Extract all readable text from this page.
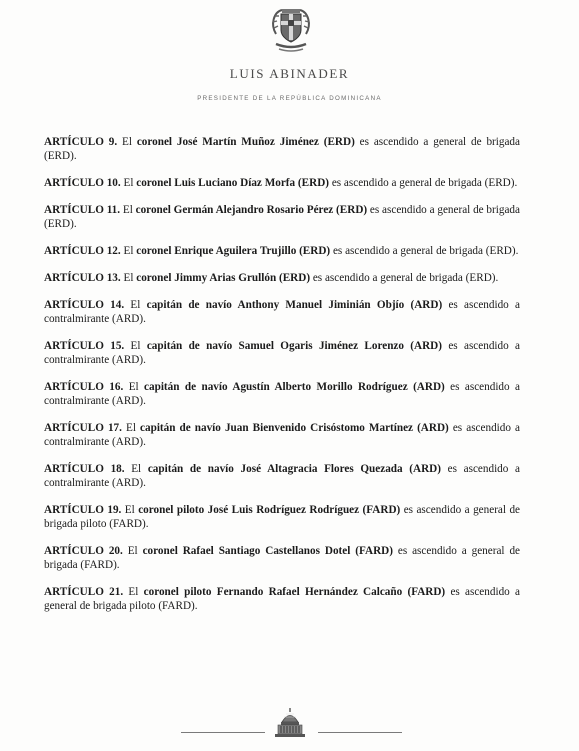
LUIS ABINADER
PRESIDENTE DE LA REPÚBLICA DOMINICANA

ARTÍCULO 9. El coronel José Martín Muñoz Jiménez (ERD) es ascendido a general de brigada (ERD).

ARTÍCULO 10. El coronel Luis Luciano Díaz Morfa (ERD) es ascendido a general de brigada (ERD).

ARTÍCULO 11. El coronel Germán Alejandro Rosario Pérez (ERD) es ascendido a general de brigada (ERD).

ARTÍCULO 12. El coronel Enrique Aguilera Trujillo (ERD) es ascendido a general de brigada (ERD).

ARTÍCULO 13. El coronel Jimmy Arias Grullón (ERD) es ascendido a general de brigada (ERD).

ARTÍCULO 14. El capitán de navío Anthony Manuel Jiminián Objío (ARD) es ascendido a contralmirante (ARD).

ARTÍCULO 15. El capitán de navío Samuel Ogaris Jiménez Lorenzo (ARD) es ascendido a contralmirante (ARD).

ARTÍCULO 16. El capitán de navío Agustín Alberto Morillo Rodríguez (ARD) es ascendido a contralmirante (ARD).

ARTÍCULO 17. El capitán de navío Juan Bienvenido Crisóstomo Martínez (ARD) es ascendido a contralmirante (ARD).

ARTÍCULO 18. El capitán de navío José Altagracia Flores Quezada (ARD) es ascendido a contralmirante (ARD).

ARTÍCULO 19. El coronel piloto José Luis Rodríguez Rodríguez (FARD) es ascendido a general de brigada piloto (FARD).

ARTÍCULO 20. El coronel Rafael Santiago Castellanos Dotel (FARD) es ascendido a general de brigada (FARD).

ARTÍCULO 21. El coronel piloto Fernando Rafael Hernández Calcaño (FARD) es ascendido a general de brigada piloto (FARD).
